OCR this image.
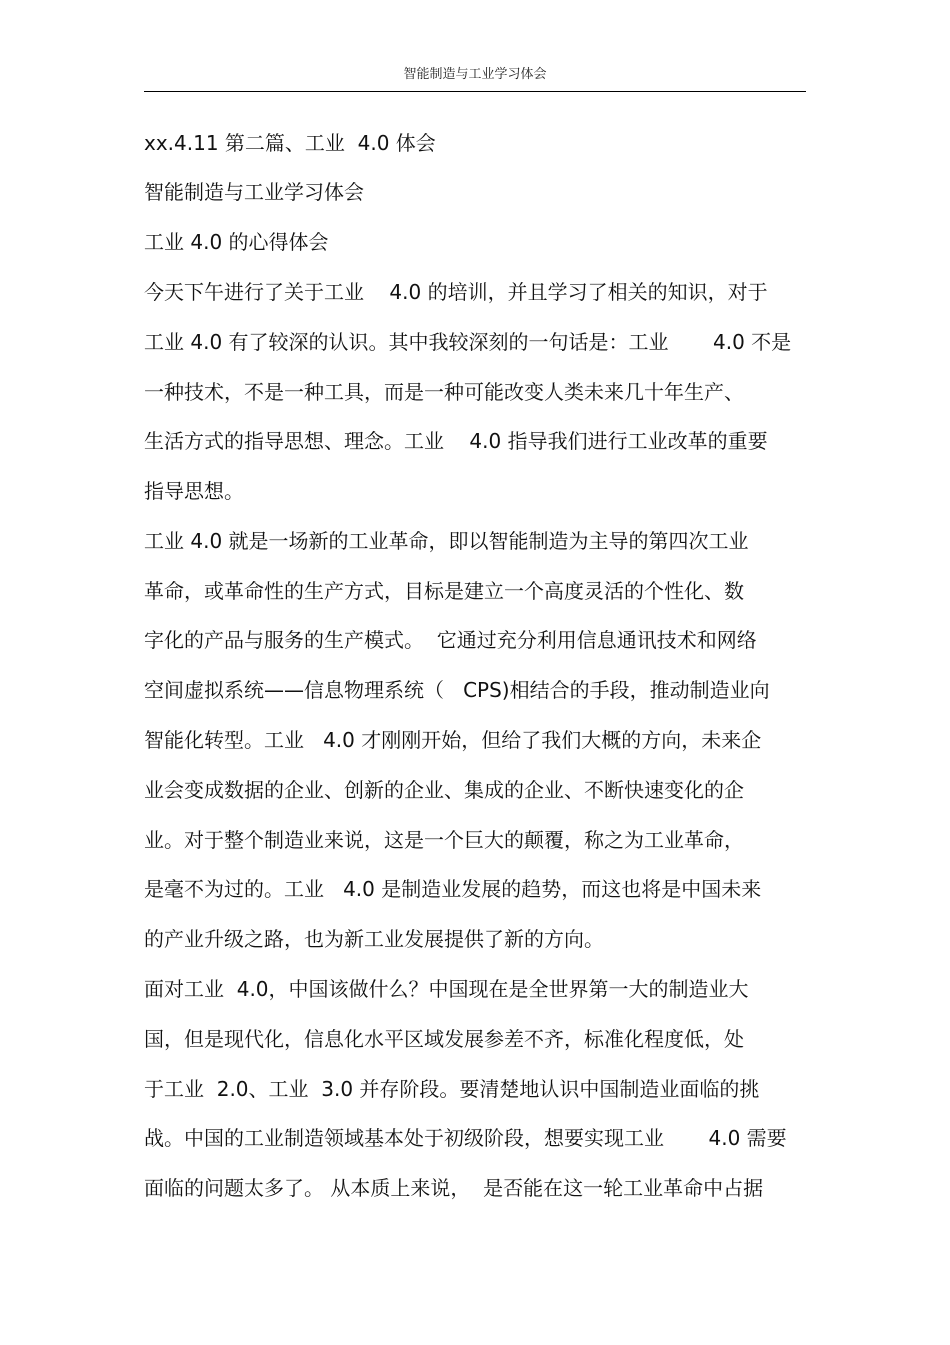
智能制造与工业学习体会
xx.4.11 第二篇、工业  4.0 体会
智能制造与工业学习体会
工业 4.0 的心得体会
今天下午进行了关于工业    4.0 的培训，并且学习了相关的知识，对于
工业 4.0 有了较深的认识。其中我较深刻的一句话是：工业       4.0 不是
一种技术，不是一种工具，而是一种可能改变人类未来几十年生产、
生活方式的指导思想、理念。工业    4.0 指导我们进行工业改革的重要
指导思想。
工业 4.0 就是一场新的工业革命，即以智能制造为主导的第四次工业
革命，或革命性的生产方式，目标是建立一个高度灵活的个性化、数
字化的产品与服务的生产模式。  它通过充分利用信息通讯技术和网络
空间虚拟系统——信息物理系统（   CPS)相结合的手段，推动制造业向
智能化转型。工业   4.0 才刚刚开始，但给了我们大概的方向，未来企
业会变成数据的企业、创新的企业、集成的企业、不断快速变化的企
业。对于整个制造业来说，这是一个巨大的颠覆，称之为工业革命，
是毫不为过的。工业   4.0 是制造业发展的趋势，而这也将是中国未来
的产业升级之路，也为新工业发展提供了新的方向。
面对工业  4.0，中国该做什么？中国现在是全世界第一大的制造业大
国，但是现代化，信息化水平区域发展参差不齐，标准化程度低，处
于工业  2.0、工业  3.0 并存阶段。要清楚地认识中国制造业面临的挑
战。中国的工业制造领域基本处于初级阶段，想要实现工业       4.0 需要
面临的问题太多了。 从本质上来说，  是否能在这一轮工业革命中占据
